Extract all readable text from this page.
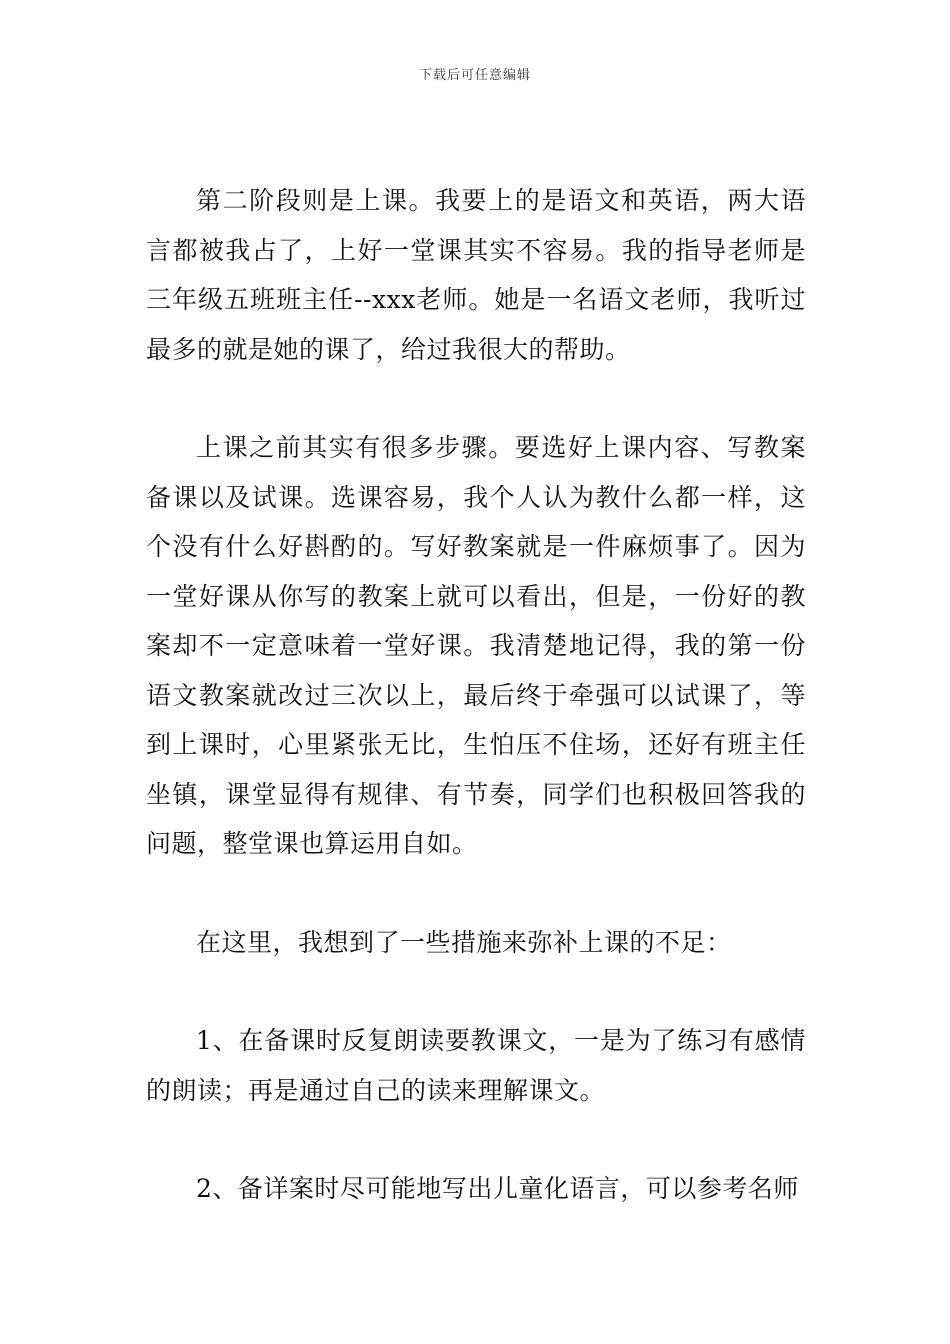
下载后可任意编辑

第二阶段则是上课。我要上的是语文和英语，两大语言都被我占了，上好一堂课其实不容易。我的指导老师是三年级五班班主任--xxx老师。她是一名语文老师，我听过最多的就是她的课了，给过我很大的帮助。

上课之前其实有很多步骤。要选好上课内容、写教案备课以及试课。选课容易，我个人认为教什么都一样，这个没有什么好斟酌的。写好教案就是一件麻烦事了。因为一堂好课从你写的教案上就可以看出，但是，一份好的教案却不一定意味着一堂好课。我清楚地记得，我的第一份语文教案就改过三次以上，最后终于牵强可以试课了，等到上课时，心里紧张无比，生怕压不住场，还好有班主任坐镇，课堂显得有规律、有节奏，同学们也积极回答我的问题，整堂课也算运用自如。

在这里，我想到了一些措施来弥补上课的不足：

1、在备课时反复朗读要教课文，一是为了练习有感情的朗读；再是通过自己的读来理解课文。

2、备详案时尽可能地写出儿童化语言，可以参考名师
